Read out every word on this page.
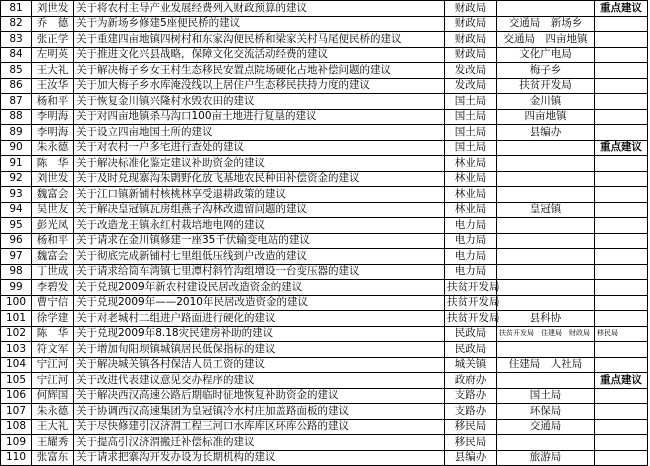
81	刘世发	关于将农村主导产业发展经费列入财政预算的建议	财政局		重点建议
82	乔　德	关于为新场乡修建5座便民桥的建议	财政局	交通局　新场乡	
83	张正学	关于重建四亩地镇四树村和东家沟便民桥和梁家关村马尾便民桥的建议	财政局	交通局　四亩地镇	
84	左明英	关于推进文化兴县战略，保障文化交流活动经费的建议	财政局	文化广电局	
85	王大礼	关于解决梅子乡女王村生态移民安置点院场硬化占地补偿问题的建议	发改局	梅子乡	
86	王汝华	关于加大梅子乡水库淹没线以上居住户生态移民扶持力度的建议	发改局	扶贫开发局	
87	杨和平	关于恢复金川镇兴隆村水毁农田的建议	国土局	金川镇	
88	李明海	关于对四亩地镇杀马沟口100亩土地进行复垦的建议	国土局	四亩地镇	
89	李明海	关于设立四亩地国土所的建议	国土局	县编办	
90	朱永德	关于对农村一户多宅进行查处的建议	国土局		重点建议
91	陈　华	关于解决标准化鉴定建议补助资金的建议	林业局		
92	刘世发	关于及时兑现寨沟朱鹮野化放飞基地农民种田补偿资金的建议	林业局		
93	魏富会	关于江口镇新铺村核桃林享受退耕政策的建议	林业局		
94	吴世友	关于解决皇冠镇瓦房组燕子沟林改遗留问题的建议	林业局	皇冠镇	
95	彭光凤	关于改造龙王镇永红村栽培地电网的建议	电力局		
96	杨和平	关于请求在金川镇修建一座35千伏输变电站的建议	电力局		
97	魏富会	关于彻底完成新铺村七里组低压线到户改造的建议	电力局		
98	丁世成	关于请求给筒车湾镇七里潭村斜竹沟组增设一台变压器的建议	电力局		
99	李碧发	关于兑现2009年新农村建设民居改造资金的建议	扶贫开发局		
100	曹宁信	关于兑现2009年——2010年民居改造资金的建议	扶贫开发局		
101	徐学建	关于对老城村二组进户路面进行硬化的建议	扶贫开发局	县科协	
102	陈　华	关于兑现2009年8.18灾民建房补助的建议	民政局	扶贫开发局　住建局　财政局　移民局	
103	符文军	关于增加旬阳坝镇城镇居民低保指标的建议	民政局		
104	宁江河	关于解决城关镇各村保洁人员工资的建议	城关镇	住建局　人社局	
105	宁江河	关于改进代表建议意见交办程序的建议	政府办		重点建议
106	何辉国	关于解决西汉高速公路后期临时征地恢复补助资金的建议	支路办	国土局	
107	朱永德	关于协调西汉高速集团为皇冠镇冷水村庄加盖路面板的建议	支路办	环保局	
108	王大礼	关于尽快修建引汉济渭工程三河口水库库区环库公路的建议	移民局	交通局	
109	王耀秀	关于提高引汉济渭搬迁补偿标准的建议	移民局		
110	张富东	关于请求把寨沟开发办设为长期机构的建议	县编办	旅游局	
